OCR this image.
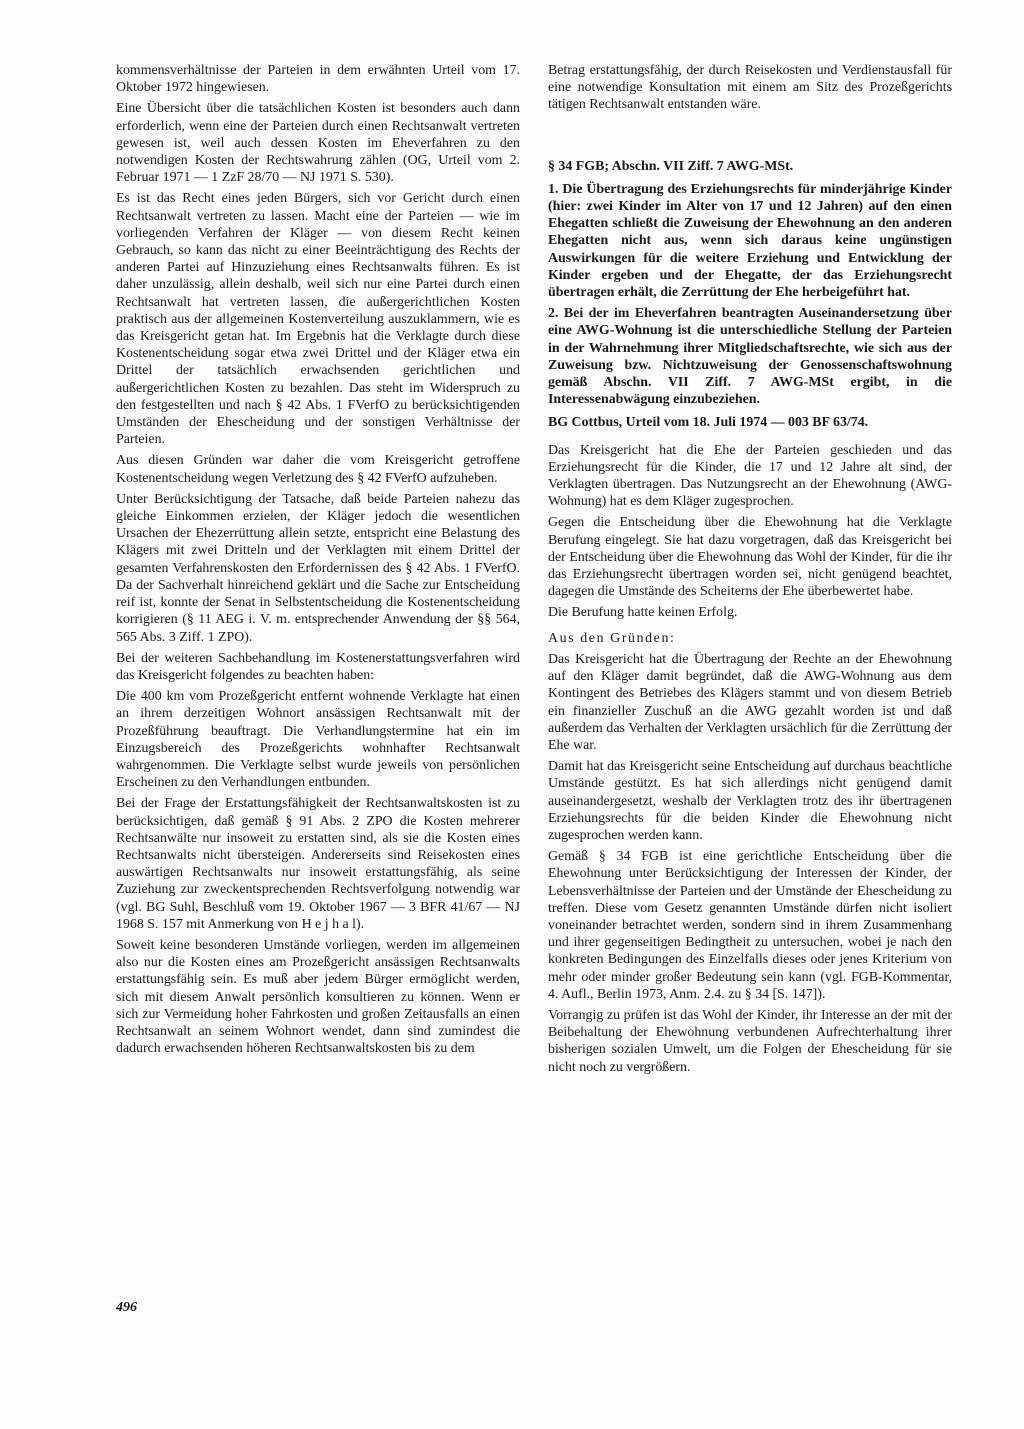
kommensverhältnisse der Parteien in dem erwähnten Urteil vom 17. Oktober 1972 hingewiesen.

Eine Übersicht über die tatsächlichen Kosten ist besonders auch dann erforderlich, wenn eine der Parteien durch einen Rechtsanwalt vertreten gewesen ist, weil auch dessen Kosten im Eheverfahren zu den notwendigen Kosten der Rechtswahrung zählen (OG, Urteil vom 2. Februar 1971 — 1 ZzF 28/70 — NJ 1971 S. 530).

Es ist das Recht eines jeden Bürgers, sich vor Gericht durch einen Rechtsanwalt vertreten zu lassen. Macht eine der Parteien — wie im vorliegenden Verfahren der Kläger — von diesem Recht keinen Gebrauch, so kann das nicht zu einer Beeinträchtigung des Rechts der anderen Partei auf Hinzuziehung eines Rechtsanwalts führen. Es ist daher unzulässig, allein deshalb, weil sich nur eine Partei durch einen Rechtsanwalt hat vertreten lassen, die außergerichtlichen Kosten praktisch aus der allgemeinen Kostenverteilung auszuklammern, wie es das Kreisgericht getan hat. Im Ergebnis hat die Verklagte durch diese Kostenentscheidung sogar etwa zwei Drittel und der Kläger etwa ein Drittel der tatsächlich erwachsenden gerichtlichen und außergerichtlichen Kosten zu bezahlen. Das steht im Widerspruch zu den festgestellten und nach § 42 Abs. 1 FVerfO zu berücksichtigenden Umständen der Ehescheidung und der sonstigen Verhältnisse der Parteien.

Aus diesen Gründen war daher die vom Kreisgericht getroffene Kostenentscheidung wegen Verletzung des § 42 FVerfO aufzuheben.

Unter Berücksichtigung der Tatsache, daß beide Parteien nahezu das gleiche Einkommen erzielen, der Kläger jedoch die wesentlichen Ursachen der Ehezerrüttung allein setzte, entspricht eine Belastung des Klägers mit zwei Dritteln und der Verklagten mit einem Drittel der gesamten Verfahrenskosten den Erfordernissen des § 42 Abs. 1 FVerfO. Da der Sachverhalt hinreichend geklärt und die Sache zur Entscheidung reif ist, konnte der Senat in Selbstentscheidung die Kostenentscheidung korrigieren (§ 11 AEG i. V. m. entsprechender Anwendung der §§ 564, 565 Abs. 3 Ziff. 1 ZPO).

Bei der weiteren Sachbehandlung im Kostenerstattungsverfahren wird das Kreisgericht folgendes zu beachten haben:

Die 400 km vom Prozeßgericht entfernt wohnende Verklagte hat einen an ihrem derzeitigen Wohnort ansässigen Rechtsanwalt mit der Prozeßführung beauftragt. Die Verhandlungstermine hat ein im Einzugsbereich des Prozeßgerichts wohnhafter Rechtsanwalt wahrgenommen. Die Verklagte selbst wurde jeweils von persönlichen Erscheinen zu den Verhandlungen entbunden.

Bei der Frage der Erstattungsfähigkeit der Rechtsanwaltskosten ist zu berücksichtigen, daß gemäß § 91 Abs. 2 ZPO die Kosten mehrerer Rechtsanwälte nur insoweit zu erstatten sind, als sie die Kosten eines Rechtsanwalts nicht übersteigen. Andererseits sind Reisekosten eines auswärtigen Rechtsanwalts nur insoweit erstattungsfähig, als seine Zuziehung zur zweckentsprechenden Rechtsverfolgung notwendig war (vgl. BG Suhl, Beschluß vom 19. Oktober 1967 — 3 BFR 41/67 — NJ 1968 S. 157 mit Anmerkung von H e j h a l).

Soweit keine besonderen Umstände vorliegen, werden im allgemeinen also nur die Kosten eines am Prozeßgericht ansässigen Rechtsanwalts erstattungsfähig sein. Es muß aber jedem Bürger ermöglicht werden, sich mit diesem Anwalt persönlich konsultieren zu können. Wenn er sich zur Vermeidung hoher Fahrkosten und großen Zeitausfalls an einen Rechtsanwalt an seinem Wohnort wendet, dann sind zumindest die dadurch erwachsenden höheren Rechtsanwaltskosten bis zu dem

Betrag erstattungsfähig, der durch Reisekosten und Verdienstausfall für eine notwendige Konsultation mit einem am Sitz des Prozeßgerichts tätigen Rechtsanwalt entstanden wäre.

§ 34 FGB; Abschn. VII Ziff. 7 AWG-MSt.

1. Die Übertragung des Erziehungsrechts für minderjährige Kinder (hier: zwei Kinder im Alter von 17 und 12 Jahren) auf den einen Ehegatten schließt die Zuweisung der Ehewohnung an den anderen Ehegatten nicht aus, wenn sich daraus keine ungünstigen Auswirkungen für die weitere Erziehung und Entwicklung der Kinder ergeben und der Ehegatte, der das Erziehungsrecht übertragen erhält, die Zerrüttung der Ehe herbeigeführt hat.

2. Bei der im Eheverfahren beantragten Auseinandersetzung über eine AWG-Wohnung ist die unterschiedliche Stellung der Parteien in der Wahrnehmung ihrer Mitgliedschaftsrechte, wie sich aus der Zuweisung bzw. Nichtzuweisung der Genossenschaftswohnung gemäß Abschn. VII Ziff. 7 AWG-MSt ergibt, in die Interessenabwägung einzubeziehen.

BG Cottbus, Urteil vom 18. Juli 1974 — 003 BF 63/74.

Das Kreisgericht hat die Ehe der Parteien geschieden und das Erziehungsrecht für die Kinder, die 17 und 12 Jahre alt sind, der Verklagten übertragen. Das Nutzungsrecht an der Ehewohnung (AWG-Wohnung) hat es dem Kläger zugesprochen.

Gegen die Entscheidung über die Ehewohnung hat die Verklagte Berufung eingelegt. Sie hat dazu vorgetragen, daß das Kreisgericht bei der Entscheidung über die Ehewohnung das Wohl der Kinder, für die ihr das Erziehungsrecht übertragen worden sei, nicht genügend beachtet, dagegen die Umstände des Scheiterns der Ehe überbewertet habe.

Die Berufung hatte keinen Erfolg.

Aus den Gründen:

Das Kreisgericht hat die Übertragung der Rechte an der Ehewohnung auf den Kläger damit begründet, daß die AWG-Wohnung aus dem Kontingent des Betriebes des Klägers stammt und von diesem Betrieb ein finanzieller Zuschuß an die AWG gezahlt worden ist und daß außerdem das Verhalten der Verklagten ursächlich für die Zerrüttung der Ehe war.

Damit hat das Kreisgericht seine Entscheidung auf durchaus beachtliche Umstände gestützt. Es hat sich allerdings nicht genügend damit auseinandergesetzt, weshalb der Verklagten trotz des ihr übertragenen Erziehungsrechts für die beiden Kinder die Ehewohnung nicht zugesprochen werden kann.

Gemäß § 34 FGB ist eine gerichtliche Entscheidung über die Ehewohnung unter Berücksichtigung der Interessen der Kinder, der Lebensverhältnisse der Parteien und der Umstände der Ehescheidung zu treffen. Diese vom Gesetz genannten Umstände dürfen nicht isoliert voneinander betrachtet werden, sondern sind in ihrem Zusammenhang und ihrer gegenseitigen Bedingtheit zu untersuchen, wobei je nach den konkreten Bedingungen des Einzelfalls dieses oder jenes Kriterium von mehr oder minder großer Bedeutung sein kann (vgl. FGB-Kommentar, 4. Aufl., Berlin 1973, Anm. 2.4. zu § 34 [S. 147]).

Vorrangig zu prüfen ist das Wohl der Kinder, ihr Interesse an der mit der Beibehaltung der Ehewohnung verbundenen Aufrechterhaltung ihrer bisherigen sozialen Umwelt, um die Folgen der Ehescheidung für sie nicht noch zu vergrößern.

496
